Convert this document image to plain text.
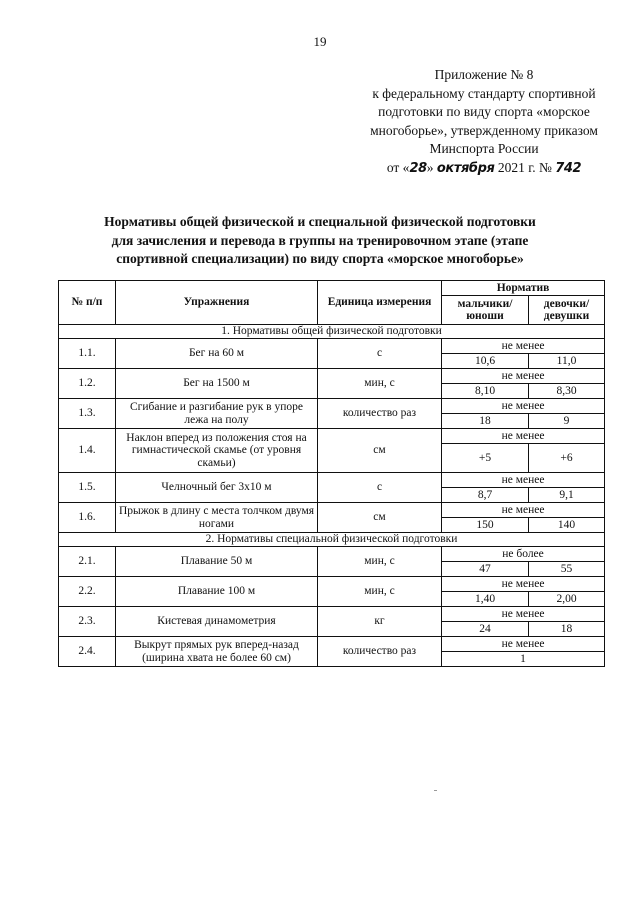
19
Приложение № 8
к федеральному стандарту спортивной
подготовки по виду спорта «морское
многоборье», утвержденному приказом
Минспорта России
от «28» октября 2021 г. № 742
Нормативы общей физической и специальной физической подготовки
для зачисления и перевода в группы на тренировочном этапе (этапе
спортивной специализации) по виду спорта «морское многоборье»
№ п/п	Упражнения	Единица измерения	Норматив	
			мальчики/ юноши	девочки/ девушки
1. Нормативы общей физической подготовки				
1.1.	Бег на 60 м	с	не менее	
			10,6	11,0
1.2.	Бег на 1500 м	мин, с	не менее	
			8,10	8,30
1.3.	Сгибание и разгибание рук в упоре лежа на полу	количество раз	не менее	
			18	9
1.4.	Наклон вперед из положения стоя на гимнастической скамье (от уровня скамьи)	см	не менее	
			+5	+6
1.5.	Челночный бег 3х10 м	с	не менее	
			8,7	9,1
1.6.	Прыжок в длину с места толчком двумя ногами	см	не менее	
			150	140
2. Нормативы специальной физической подготовки				
2.1.	Плавание 50 м	мин, с	не более	
			47	55
2.2.	Плавание 100 м	мин, с	не менее	
			1,40	2,00
2.3.	Кистевая динамометрия	кг	не менее	
			24	18
2.4.	Выкрут прямых рук вперед-назад (ширина хвата не более 60 см)	количество раз	не менее	
			1	
